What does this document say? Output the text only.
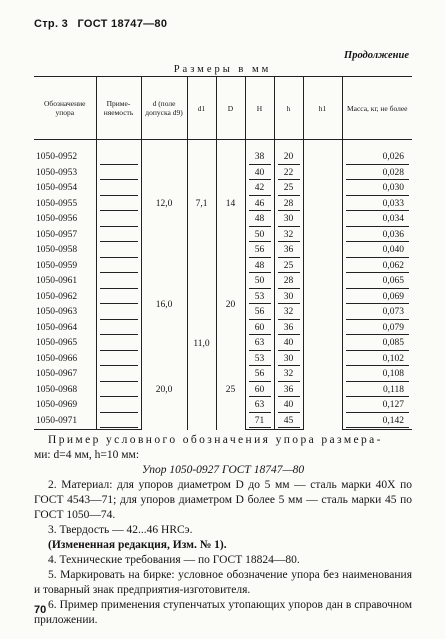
Стр. 3 ГОСТ 18747—80
Продолжение
Размеры в мм
Обозначение упора	Приме-няемость	d (поле допуска d9)	d1	D	H	h	h1	Масса, кг, не более
1050-0952		12,0	7,1	14	38	20		0,026
1050-0953					40	22		0,028
1050-0954					42	25		0,030
1050-0955					46	28		0,033
1050-0956					48	30		0,034
1050-0957					50	32		0,036
1050-0958					56	36		0,040
1050-0959		16,0	11,0	20	48	25		0,062
1050-0961					50	28		0,065
1050-0962					53	30		0,069
1050-0963					56	32		0,073
1050-0964					60	36		0,079
1050-0965					63	40		0,085
1050-0966		20,0		25	53	30		0,102
1050-0967					56	32		0,108
1050-0968					60	36		0,118
1050-0969					63	40		0,127
1050-0971					71	45		0,142

Пример условного обозначения упора размера-

ми: d=4 мм, h=10 мм:

Упор 1050-0927 ГОСТ 18747—80

2. Материал: для упоров диаметром D до 5 мм — сталь марки 40Х по ГОСТ 4543—71; для упоров диаметром D более 5 мм — сталь марки 45 по ГОСТ 1050—74.

3. Твердость — 42...46 HRCэ.

(Измененная редакция, Изм. № 1).

4. Технические требования — по ГОСТ 18824—80.

5. Маркировать на бирке: условное обозначение упора без наименования и товарный знак предприятия-изготовителя.

6. Пример применения ступенчатых утопающих упоров дан в справочном приложении.

70
